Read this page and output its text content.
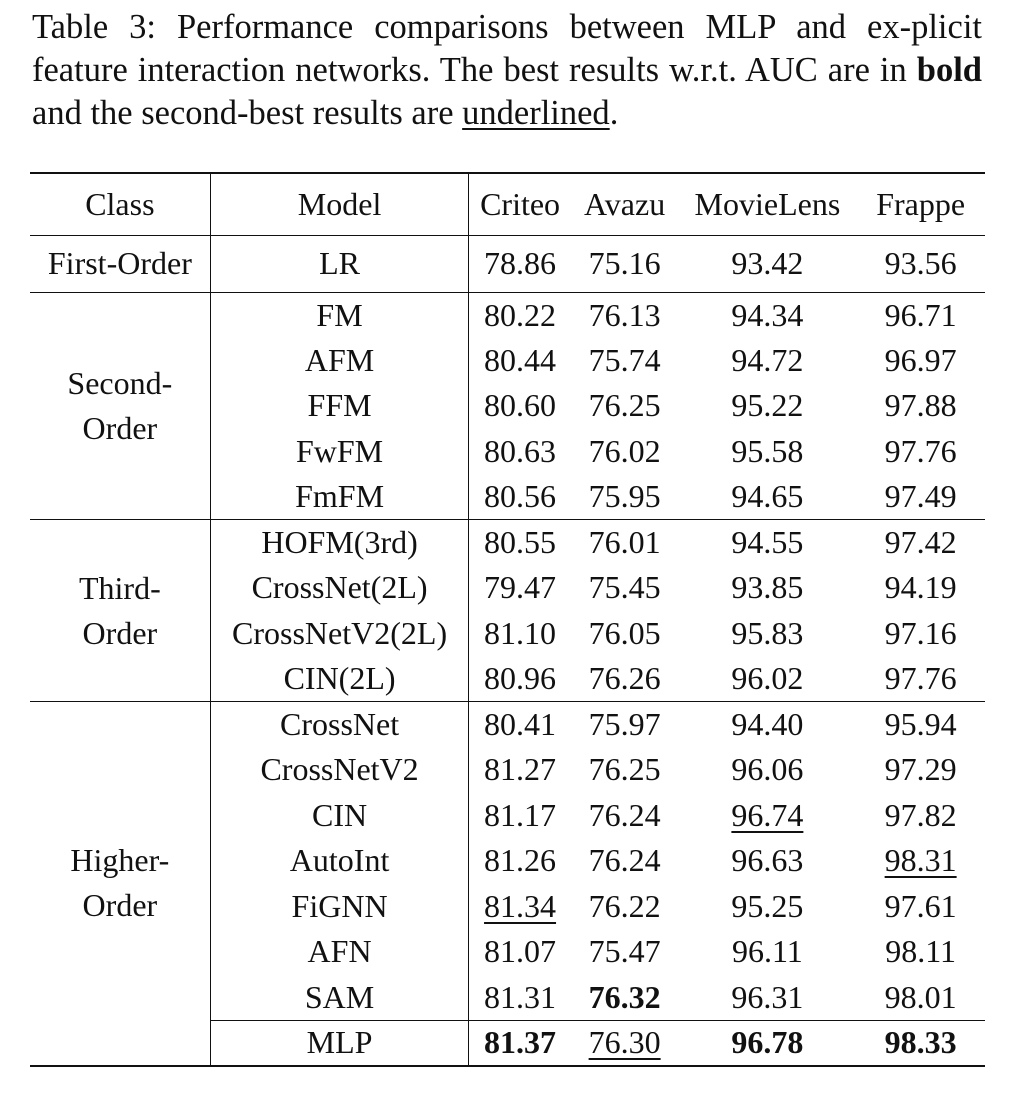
Table 3: Performance comparisons between MLP and ex-plicit feature interaction networks. The best results w.r.t. AUC are in bold and the second-best results are underlined.

Class	Model	Criteo	Avazu	MovieLens	Frappe
First-Order	LR	78.86	75.16	93.42	93.56

Second-
Order	FM	80.22	76.13	94.34	96.71
	AFM	80.44	75.74	94.72	96.97
	FFM	80.60	76.25	95.22	97.88
	FwFM	80.63	76.02	95.58	97.76
	FmFM	80.56	75.95	94.65	97.49

Third-
Order	HOFM(3rd)	80.55	76.01	94.55	97.42
	CrossNet(2L)	79.47	75.45	93.85	94.19
	CrossNetV2(2L)	81.10	76.05	95.83	97.16
	CIN(2L)	80.96	76.26	96.02	97.76

Higher-
Order	CrossNet	80.41	75.97	94.40	95.94
	CrossNetV2	81.27	76.25	96.06	97.29
	CIN	81.17	76.24	96.74	97.82
	AutoInt	81.26	76.24	96.63	98.31
	FiGNN	81.34	76.22	95.25	97.61
	AFN	81.07	75.47	96.11	98.11
	SAM	81.31	76.32	96.31	98.01
	MLP	81.37	76.30	96.78	98.33
